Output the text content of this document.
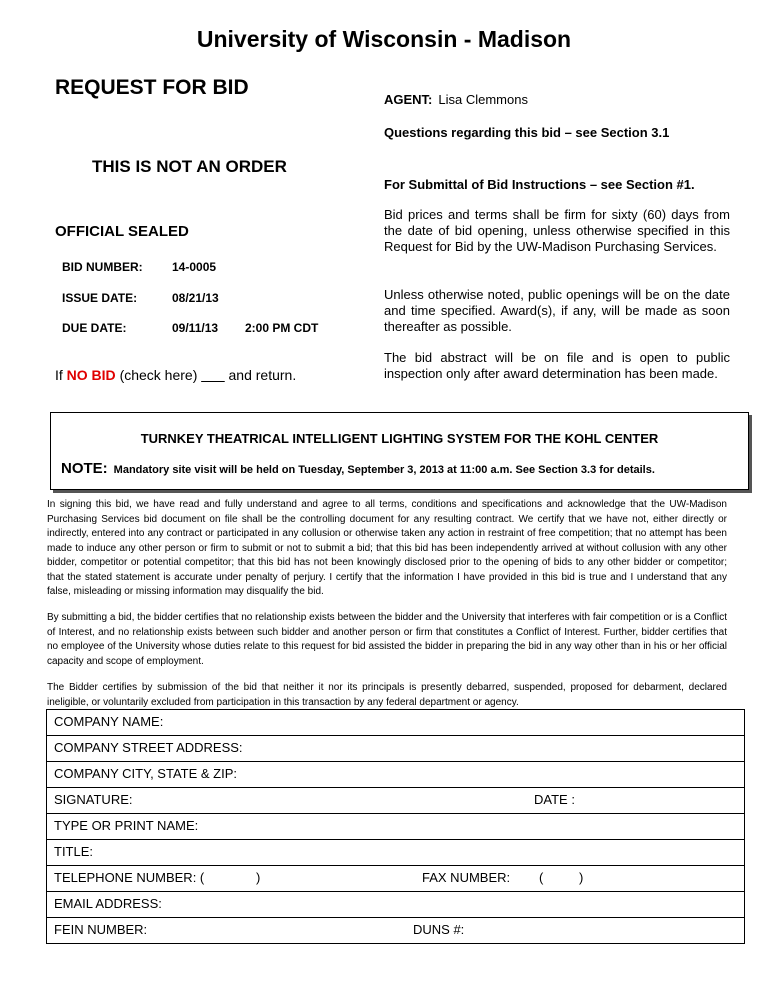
University of Wisconsin - Madison
REQUEST FOR BID
AGENT: Lisa Clemmons
Questions regarding this bid – see Section 3.1
THIS IS NOT AN ORDER
For Submittal of Bid Instructions – see Section #1.
Bid prices and terms shall be firm for sixty (60) days from the date of bid opening, unless otherwise specified in this Request for Bid by the UW-Madison Purchasing Services.
Unless otherwise noted, public openings will be on the date and time specified. Award(s), if any, will be made as soon thereafter as possible.
The bid abstract will be on file and is open to public inspection only after award determination has been made.
OFFICIAL SEALED
BID NUMBER: 14-0005
ISSUE DATE:	08/21/13
DUE DATE:	09/11/13 2:00 PM CDT
If NO BID (check here) ___ and return.
TURNKEY THEATRICAL INTELLIGENT LIGHTING SYSTEM FOR THE KOHL CENTER
NOTE: Mandatory site visit will be held on Tuesday, September 3, 2013 at 11:00 a.m. See Section 3.3 for details.
In signing this bid, we have read and fully understand and agree to all terms, conditions and specifications and acknowledge that the UW-Madison Purchasing Services bid document on file shall be the controlling document for any resulting contract. We certify that we have not, either directly or indirectly, entered into any contract or participated in any collusion or otherwise taken any action in restraint of free competition; that no attempt has been made to induce any other person or firm to submit or not to submit a bid; that this bid has been independently arrived at without collusion with any other bidder, competitor or potential competitor; that this bid has not been knowingly disclosed prior to the opening of bids to any other bidder or competitor; that the stated statement is accurate under penalty of perjury. I certify that the information I have provided in this bid is true and I understand that any false, misleading or missing information may disqualify the bid.
By submitting a bid, the bidder certifies that no relationship exists between the bidder and the University that interferes with fair competition or is a Conflict of Interest, and no relationship exists between such bidder and another person or firm that constitutes a Conflict of Interest. Further, bidder certifies that no employee of the University whose duties relate to this request for bid assisted the bidder in preparing the bid in any way other than in his or her official capacity and scope of employment.
The Bidder certifies by submission of the bid that neither it nor its principals is presently debarred, suspended, proposed for debarment, declared ineligible, or voluntarily excluded from participation in this transaction by any federal department or agency.
COMPANY NAME:
COMPANY STREET ADDRESS:
COMPANY CITY, STATE & ZIP:
SIGNATURE:	DATE :
TYPE OR PRINT NAME:
TITLE:
TELEPHONE NUMBER: (	)	FAX NUMBER: (	)
EMAIL ADDRESS:
FEIN NUMBER:	DUNS #:
